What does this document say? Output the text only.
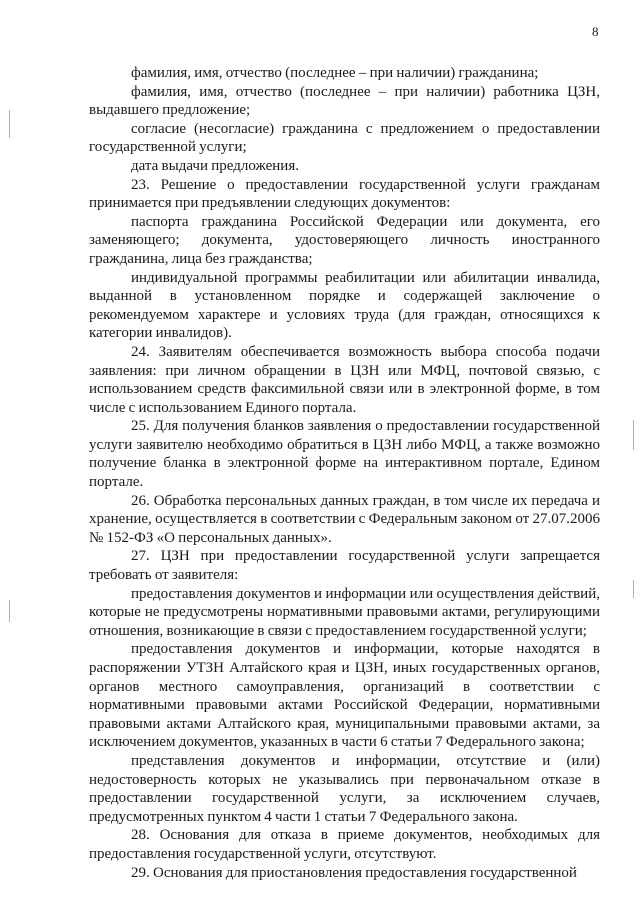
8

фамилия, имя, отчество (последнее – при наличии) гражданина;

фамилия, имя, отчество (последнее – при наличии) работника ЦЗН, выдавшего предложение;

согласие (несогласие) гражданина с предложением о предоставлении государственной услуги;

дата выдачи предложения.

23. Решение о предоставлении государственной услуги гражданам принимается при предъявлении следующих документов:

паспорта гражданина Российской Федерации или документа, его заменяющего; документа, удостоверяющего личность иностранного гражданина, лица без гражданства;

индивидуальной программы реабилитации или абилитации инвалида, выданной в установленном порядке и содержащей заключение о рекомендуемом характере и условиях труда (для граждан, относящихся к категории инвалидов).

24. Заявителям обеспечивается возможность выбора способа подачи заявления: при личном обращении в ЦЗН или МФЦ, почтовой связью, с использованием средств факсимильной связи или в электронной форме, в том числе с использованием Единого портала.

25. Для получения бланков заявления о предоставлении государственной услуги заявителю необходимо обратиться в ЦЗН либо МФЦ, а также возможно получение бланка в электронной форме на интерактивном портале, Едином портале.

26. Обработка персональных данных граждан, в том числе их передача и хранение, осуществляется в соответствии с Федеральным законом от 27.07.2006 № 152-ФЗ «О персональных данных».

27. ЦЗН при предоставлении государственной услуги запрещается требовать от заявителя:

предоставления документов и информации или осуществления действий, которые не предусмотрены нормативными правовыми актами, регулирующими отношения, возникающие в связи с предоставлением государственной услуги;

предоставления документов и информации, которые находятся в распоряжении УТЗН Алтайского края и ЦЗН, иных государственных органов, органов местного самоуправления, организаций в соответствии с нормативными правовыми актами Российской Федерации, нормативными правовыми актами Алтайского края, муниципальными правовыми актами, за исключением документов, указанных в части 6 статьи 7 Федерального закона;

представления документов и информации, отсутствие и (или) недостоверность которых не указывались при первоначальном отказе в предоставлении государственной услуги, за исключением случаев, предусмотренных пунктом 4 части 1 статьи 7 Федерального закона.

28. Основания для отказа в приеме документов, необходимых для предоставления государственной услуги, отсутствуют.

29. Основания для приостановления предоставления государственной
